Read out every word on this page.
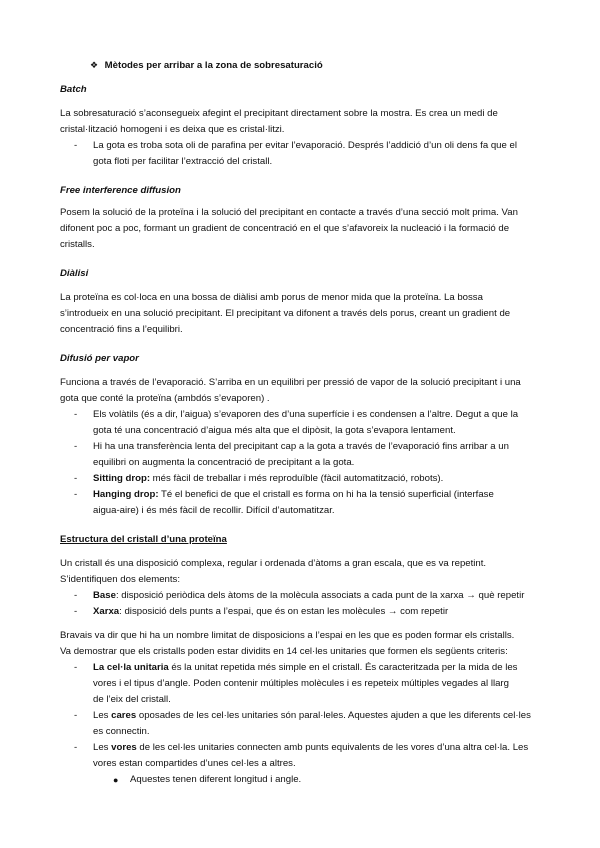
❖ Mètodes per arribar a la zona de sobresaturació
Batch
La sobresaturació s’aconsegueix afegint el precipitant directament sobre la mostra. Es crea un medi de
cristal·lització homogeni i es deixa que es cristal·litzi.
-	La gota es troba sota oli de parafina per evitar l’evaporació. Després l’addició d’un oli dens fa que el
gota floti per facilitar l’extracció del cristall.
Free interference diffusion
Posem la solució de la proteïna i la solució del precipitant en contacte a través d’una secció molt prima. Van
difonent poc a poc, formant un gradient de concentració en el que s’afavoreix la nucleació i la formació de
cristalls.
Diàlisi
La proteïna es col·loca en una bossa de diàlisi amb porus de menor mida que la proteïna. La bossa
s’introdueix en una solució precipitant. El precipitant va difonent a través dels porus, creant un gradient de
concentració fins a l’equilibri.
Difusió per vapor
Funciona a través de l’evaporació. S’arriba en un equilibri per pressió de vapor de la solució precipitant i una
gota que conté la proteïna (ambdós s’evaporen) .
-	Els volàtils (és a dir, l’aigua) s’evaporen des d’una superfície i es condensen a l’altre. Degut a que la
gota té una concentració d’aigua més alta que el dipòsit, la gota s’evapora lentament.
-	Hi ha una transferència lenta del precipitant cap a la gota a través de l’evaporació fins arribar a un
equilibri on augmenta la concentració de precipitant a la gota.
-	Sitting drop: més fàcil de treballar i més reproduïble (fàcil automatització, robots).
-	Hanging drop: Té el benefici de que el cristall es forma on hi ha la tensió superficial (interfase
aigua-aire) i és més fàcil de recollir. Difícil d’automatitzar.
Estructura del cristall d’una proteïna
Un cristall és una disposició complexa, regular i ordenada d’àtoms a gran escala, que es va repetint.
S’identifiquen dos elements:
-	Base: disposició periòdica dels àtoms de la molècula associats a cada punt de la xarxa → què repetir
-	Xarxa: disposició dels punts a l’espai, que és on estan les molècules → com repetir
Bravais va dir que hi ha un nombre limitat de disposicions a l’espai en les que es poden formar els cristalls.
Va demostrar que els cristalls poden estar dividits en 14 cel·les unitaries que formen els següents criteris:
-	La cel·la unitaria és la unitat repetida més simple en el cristall. És caracteritzada per la mida de les
vores i el tipus d’angle. Poden contenir múltiples molècules i es repeteix múltiples vegades al llarg
de l’eix del cristall.
-	Les cares oposades de les cel·les unitaries són paral·leles. Aquestes ajuden a que les diferents cel·les
es connectin.
-	Les vores de les cel·les unitaries connecten amb punts equivalents de les vores d’una altra cel·la. Les
vores estan compartides d’unes cel·les a altres.
● Aquestes tenen diferent longitud i angle.
